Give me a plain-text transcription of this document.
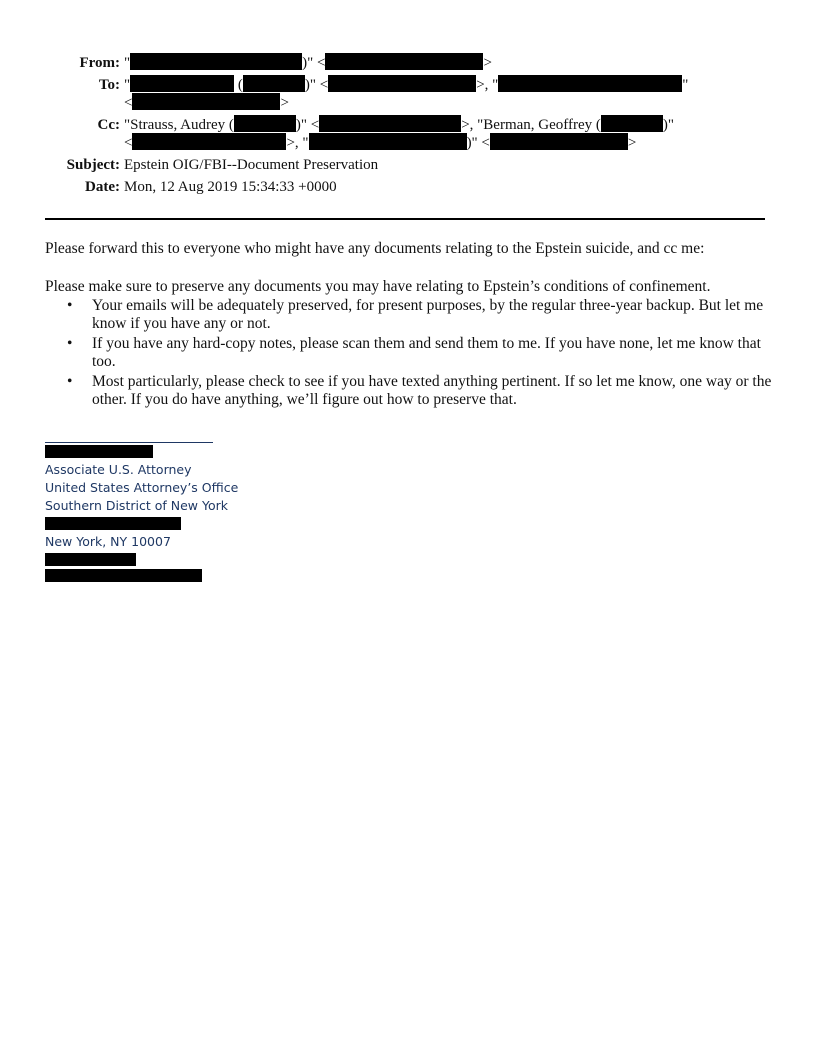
From: "	)" <	>
To: "	(	)" <	>, "	"
<	>
Cc: "Strauss, Audrey (	)" <	>, "Berman, Geoffrey (	)"
<	>, "	)" <	>
Subject: Epstein OIG/FBI--Document Preservation
Date: Mon, 12 Aug 2019 15:34:33 +0000

Please forward this to everyone who might have any documents relating to the Epstein suicide, and cc me:

Please make sure to preserve any documents you may have relating to Epstein’s conditions of confinement.

• Your emails will be adequately preserved, for present purposes, by the regular three-year backup. But let me know if you have any or not.
• If you have any hard-copy notes, please scan them and send them to me. If you have none, let me know that too.
• Most particularly, please check to see if you have texted anything pertinent. If so let me know, one way or the other. If you do have anything, we’ll figure out how to preserve that.
Associate U.S. Attorney
United States Attorney’s Office
Southern District of New York
New York, NY 10007
